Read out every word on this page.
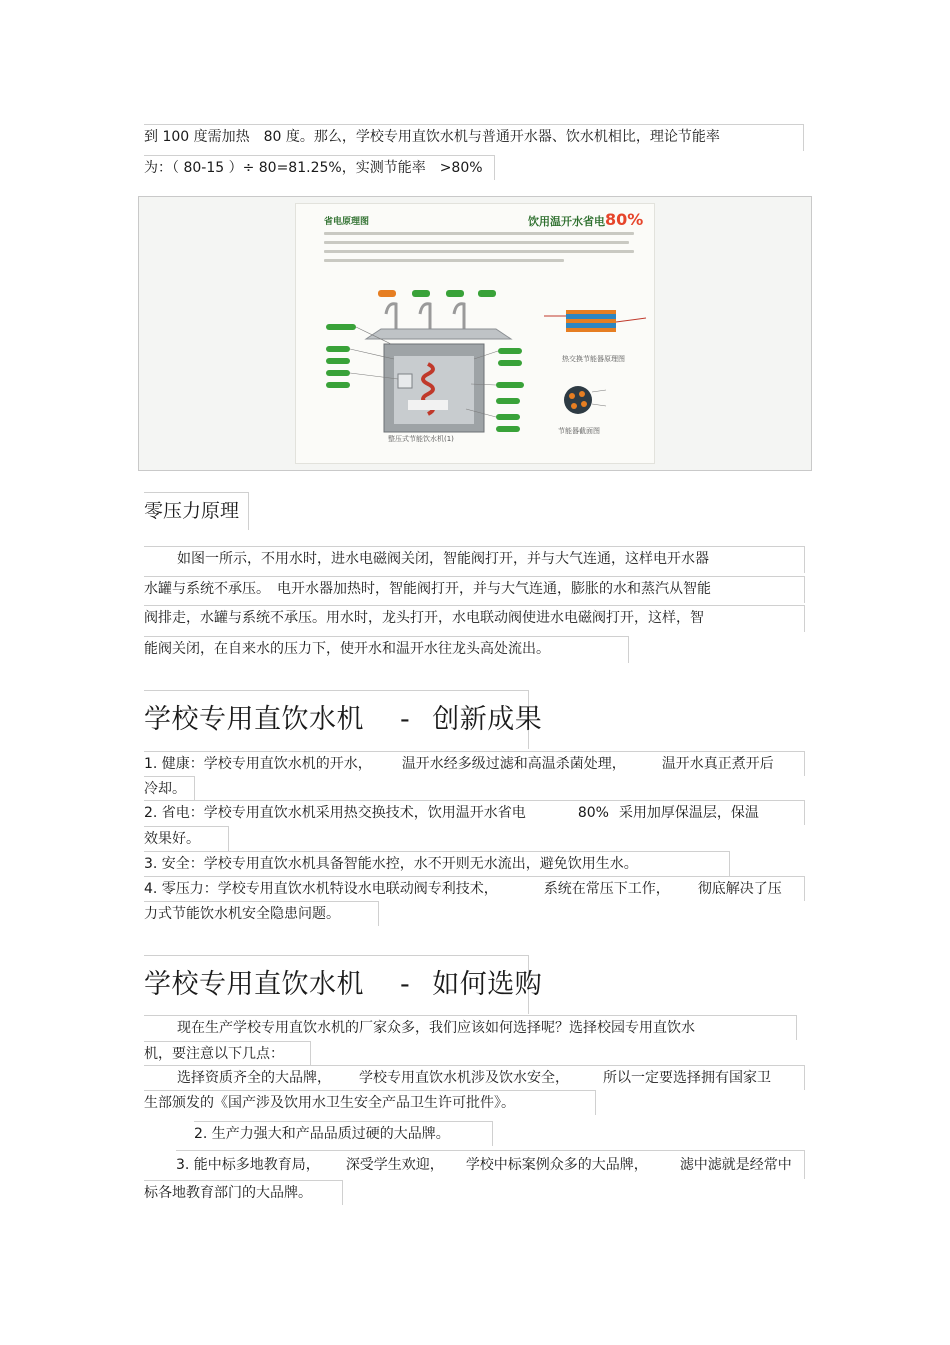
到 100 度需加热　80 度。那么，学校专用直饮水机与普通开水器、饮水机相比，理论节能率
为：（ 80-15 ）÷ 80=81.25%，实测节能率　>80%
省电原理图	饮用温开水省电80%
整压式节能饮水机(1)
热交换节能器原理图
节能器截面图
零压力原理
如图一所示，不用水时，进水电磁阀关闭，智能阀打开，并与大气连通，这样电开水器
水罐与系统不承压。　电开水器加热时，智能阀打开，并与大气连通，膨胀的水和蒸汽从智能
阀排走，水罐与系统不承压。用水时，龙头打开，水电联动阀使进水电磁阀打开，这样，智
能阀关闭，在自来水的压力下，使开水和温开水往龙头高处流出。
学校专用直饮水机 - 创新成果
1. 健康：学校专用直饮水机的开水， 温开水经多级过滤和高温杀菌处理，	温开水真正煮开后
冷却。
2. 省电：学校专用直饮水机采用热交换技术，饮用温开水省电	80% 采用加厚保温层，保温
效果好。
3. 安全：学校专用直饮水机具备智能水控，水不开则无水流出，避免饮用生水。
4. 零压力：学校专用直饮水机特设水电联动阀专利技术，	系统在常压下工作， 彻底解决了压
力式节能饮水机安全隐患问题。
学校专用直饮水机 - 如何选购
现在生产学校专用直饮水机的厂家众多，我们应该如何选择呢？选择校园专用直饮水
机，要注意以下几点：
选择资质齐全的大品牌， 学校专用直饮水机涉及饮水安全， 所以一定要选择拥有国家卫
生部颁发的《国产涉及饮用水卫生安全产品卫生许可批件》。
2. 生产力强大和产品品质过硬的大品牌。
3. 能中标多地教育局， 深受学生欢迎， 学校中标案例众多的大品牌， 滤中滤就是经常中
标各地教育部门的大品牌。
